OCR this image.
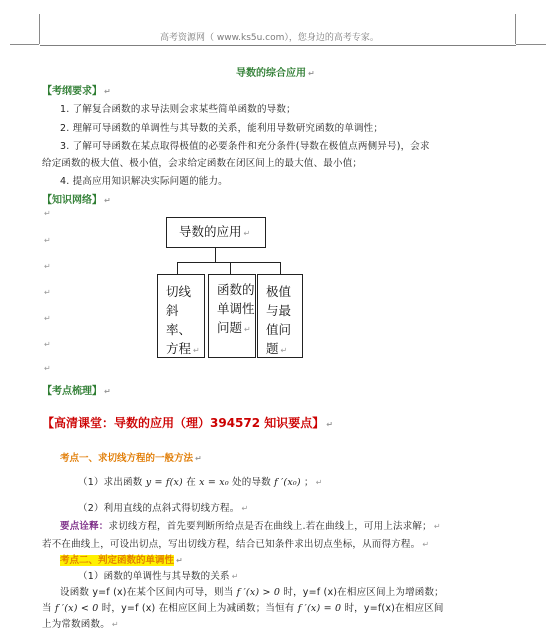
高考资源网（ www.ks5u.com），您身边的高考专家。
导数的综合应用 ↵
【考纲要求】 ↵
1. 了解复合函数的求导法则会求某些简单函数的导数；
2. 理解可导函数的单调性与其导数的关系，能利用导数研究函数的单调性；
3. 了解可导函数在某点取得极值的必要条件和充分条件(导数在极值点两侧异号)，会求
给定函数的极大值、极小值，会求给定函数在闭区间上的最大值、最小值；
4. 提高应用知识解决实际问题的能力。
【知识网络】 ↵
↵
↵
↵
↵
↵
↵
↵
导数的应用 ↵
切线斜率、方程 ↵
函数的单调性问题 ↵
极值与最值问题 ↵
【考点梳理】 ↵
【高清课堂：导数的应用（理）394572 知识要点】 ↵
考点一、求切线方程的一般方法 ↵
（1）求出函数 y = f(x) 在 x = x₀ 处的导数 f ′(x₀) ； ↵
（2）利用直线的点斜式得切线方程。 ↵
要点诠释：求切线方程，首先要判断所给点是否在曲线上.若在曲线上，可用上法求解； ↵
若不在曲线上，可设出切点，写出切线方程，结合已知条件求出切点坐标，从而得方程。 ↵
考点二、判定函数的单调性 ↵
（1）函数的单调性与其导数的关系 ↵
设函数 y=f (x)在某个区间内可导，则当 f ′(x) > 0 时，y=f (x)在相应区间上为增函数；
当 f ′(x) < 0 时，y=f (x) 在相应区间上为减函数；当恒有 f ′(x) = 0 时，y=f(x)在相应区间
上为常数函数。 ↵
